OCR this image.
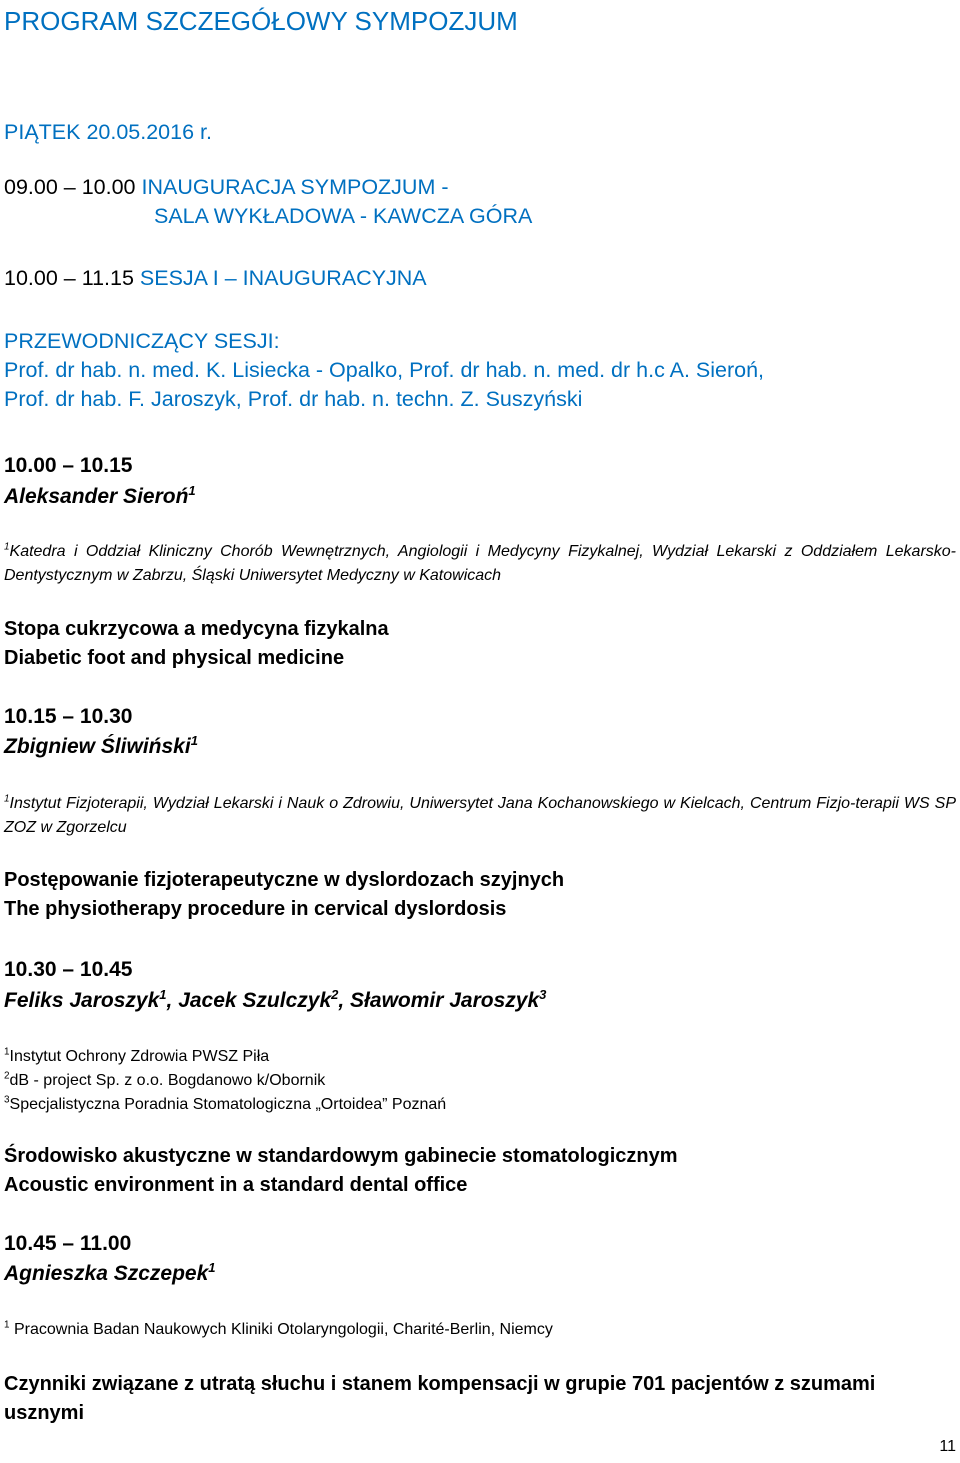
PROGRAM SZCZEGÓŁOWY SYMPOZJUM

PIĄTEK 20.05.2016 r.

09.00 – 10.00 INAUGURACJA SYMPOZJUM -

SALA WYKŁADOWA - KAWCZA GÓRA

10.00 – 11.15 SESJA I – INAUGURACYJNA

PRZEWODNICZĄCY SESJI:

Prof. dr hab. n. med. K. Lisiecka - Opalko, Prof. dr hab. n. med. dr h.c A. Sieroń,

Prof. dr hab. F. Jaroszyk, Prof. dr hab. n. techn. Z. Suszyński

10.00 – 10.15

Aleksander Sieroń$^1$

$^1$Katedra i Oddział Kliniczny Chorób Wewnętrznych, Angiologii i Medycyny Fizykalnej, Wydział Lekarski z Oddziałem Lekarsko-Dentystycznym w Zabrzu, Śląski Uniwersytet Medyczny w Katowicach

Stopa cukrzycowa a medycyna fizykalna

Diabetic foot and physical medicine

10.15 – 10.30

Zbigniew Śliwiński$^1$

$^1$Instytut Fizjoterapii, Wydział Lekarski i Nauk o Zdrowiu, Uniwersytet Jana Kochanowskiego w Kielcach, Centrum Fizjo-terapii WS SP ZOZ w Zgorzelcu

Postępowanie fizjoterapeutyczne w dyslordozach szyjnych

The physiotherapy procedure in cervical dyslordosis

10.30 – 10.45

Feliks Jaroszyk$^1$, Jacek Szulczyk$^2$, Sławomir Jaroszyk$^3$

$^1$Instytut Ochrony Zdrowia PWSZ Piła

$^2$dB - project Sp. z o.o. Bogdanowo k/Obornik

$^3$Specjalistyczna Poradnia Stomatologiczna „Ortoidea” Poznań

Środowisko akustyczne w standardowym gabinecie stomatologicznym

Acoustic environment in a standard dental office

10.45 – 11.00

Agnieszka Szczepek$^1$

$^1$ Pracownia Badan Naukowych Kliniki Otolaryngologii, Charité-Berlin, Niemcy

Czynniki związane z utratą słuchu i stanem kompensacji w grupie 701 pacjentów z szumami usznymi

11
